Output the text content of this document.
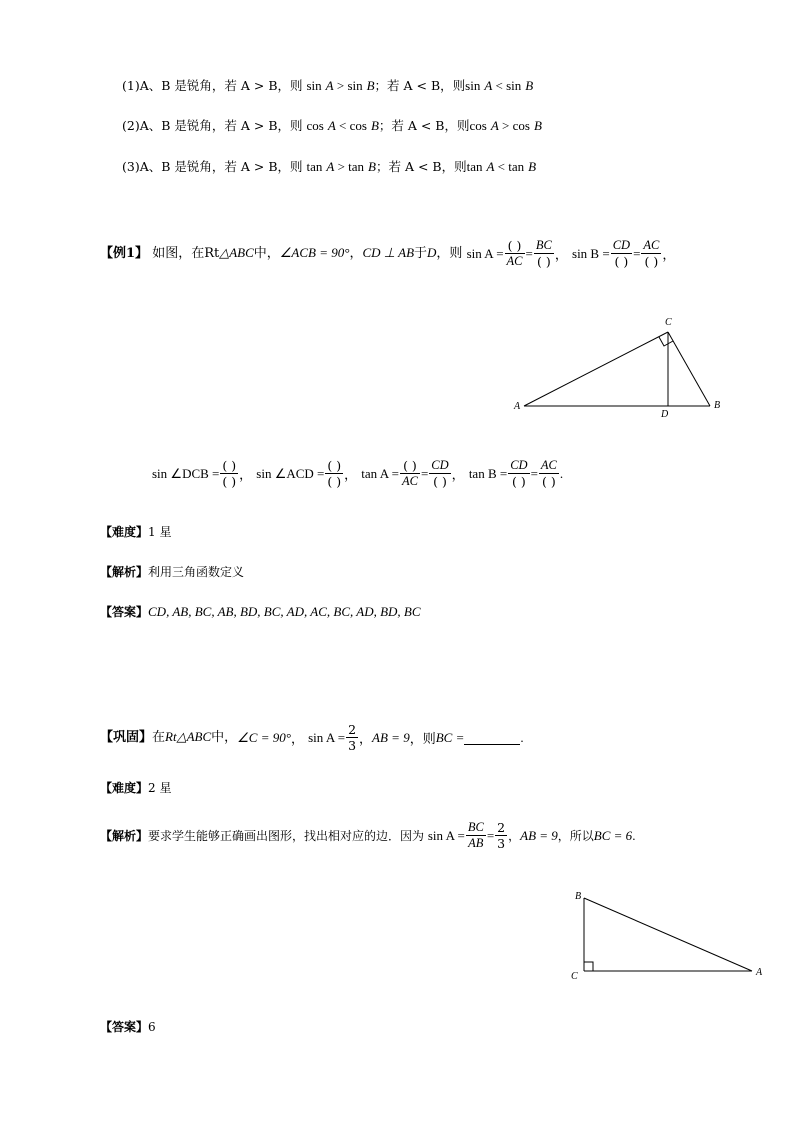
(1)A、B 是锐角，若 A > B，则 sin A > sin B；若 A < B，则sin A < sin B
(2)A、B 是锐角，若 A > B，则 cos A < cos B；若 A < B，则cos A > cos B
(3)A、B 是锐角，若 A > B，则 tan A > tan B；若 A < B，则tan A < tan B
【例1】 如图，在Rt△ABC中，∠ACB = 90°，CD ⊥ AB于D，则 $\sin A = \frac{( )}{AC} = \frac{BC}{( )}$ ， $\sin B = \frac{CD}{( )} = \frac{AC}{( )}$ ，
A	B
C
D
sin ∠DCB = $\frac{( )}{( )}$ ， sin ∠ACD = $\frac{( )}{( )}$ ， $\tan A = \frac{( )}{AC} = \frac{CD}{( )}$ ， $\tan B = \frac{CD}{( )} = \frac{AC}{( )}$ .
【难度】1 星
【解析】利用三角函数定义
【答案】CD, AB, BC, AB, BD, BC, AD, AC, BC, AD, BD, BC
【巩固】在Rt△ABC中，∠C = 90°， $\sin A = \frac{2}{3}$ ，AB = 9，则BC =	.
【难度】2 星
【解析】要求学生能够正确画出图形，找出相对应的边．因为 $\sin A = \frac{BC}{AB} = \frac{2}{3}$ ，AB = 9，所以BC = 6.
B
C	A
【答案】6
